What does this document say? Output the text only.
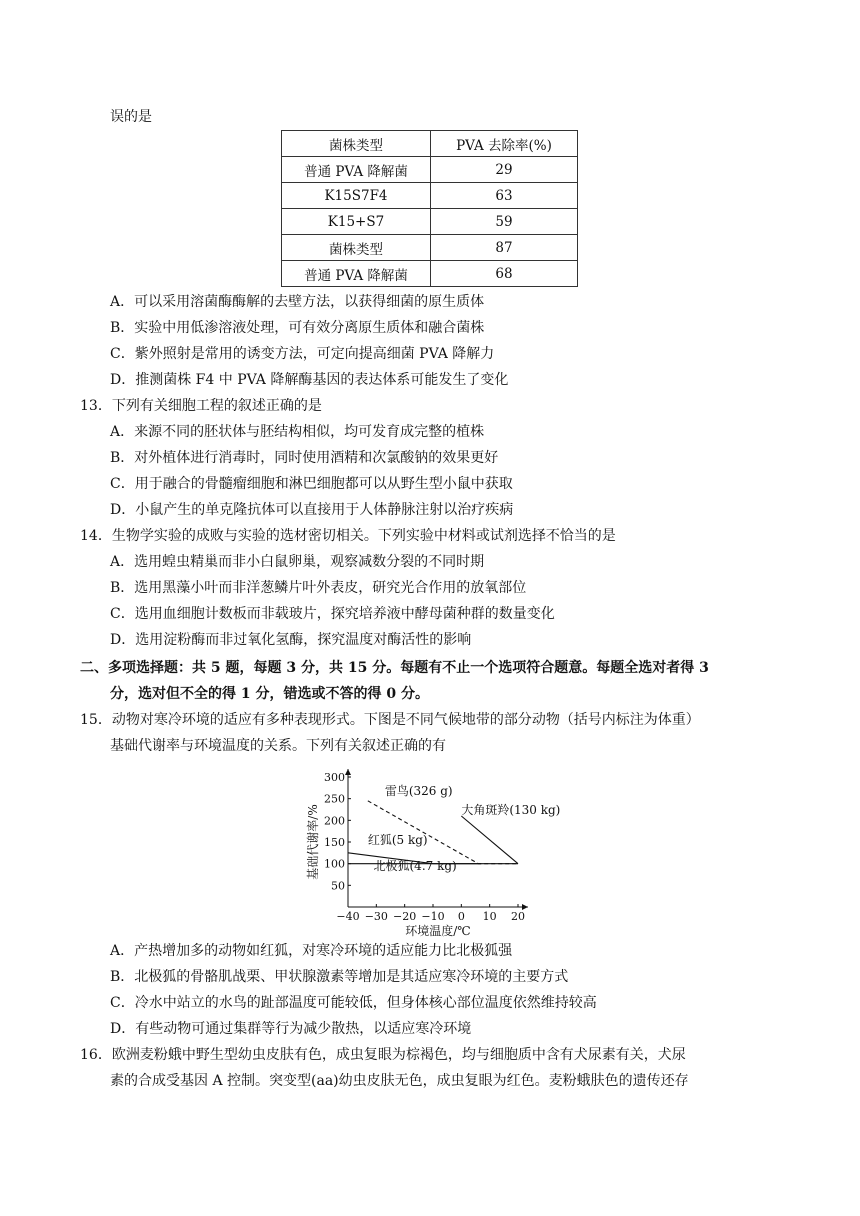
误的是
菌株类型	PVA 去除率(%)
普通 PVA 降解菌	29
K15S7F4	63
K15+S7	59
菌株类型	87
普通 PVA 降解菌	68
A．可以采用溶菌酶酶解的去壁方法，以获得细菌的原生质体
B．实验中用低渗溶液处理，可有效分离原生质体和融合菌株
C．紫外照射是常用的诱变方法，可定向提高细菌 PVA 降解力
D．推测菌株 F4 中 PVA 降解酶基因的表达体系可能发生了变化
13．下列有关细胞工程的叙述正确的是
A．来源不同的胚状体与胚结构相似，均可发育成完整的植株
B．对外植体进行消毒时，同时使用酒精和次氯酸钠的效果更好
C．用于融合的骨髓瘤细胞和淋巴细胞都可以从野生型小鼠中获取
D．小鼠产生的单克隆抗体可以直接用于人体静脉注射以治疗疾病
14．生物学实验的成败与实验的选材密切相关。下列实验中材料或试剂选择不恰当的是
A．选用蝗虫精巢而非小白鼠卵巢，观察减数分裂的不同时期
B．选用黑藻小叶而非洋葱鳞片叶外表皮，研究光合作用的放氧部位
C．选用血细胞计数板而非载玻片，探究培养液中酵母菌种群的数量变化
D．选用淀粉酶而非过氧化氢酶，探究温度对酶活性的影响
二、多项选择题：共 5 题，每题 3 分，共 15 分。每题有不止一个选项符合题意。每题全选对者得 3
分，选对但不全的得 1 分，错选或不答的得 0 分。
15．动物对寒冷环境的适应有多种表现形式。下图是不同气候地带的部分动物（括号内标注为体重）
基础代谢率与环境温度的关系。下列有关叙述正确的有
−40 −30 −20 −10 0 10 20
50
100
150
200
250
300
环境温度/℃
基础代谢率/%
雷鸟(326 g)
大角斑羚(130 kg)
红狐(5 kg)
北极狐(4.7 kg)
A．产热增加多的动物如红狐，对寒冷环境的适应能力比北极狐强
B．北极狐的骨骼肌战栗、甲状腺激素等增加是其适应寒冷环境的主要方式
C．冷水中站立的水鸟的趾部温度可能较低，但身体核心部位温度依然维持较高
D．有些动物可通过集群等行为减少散热，以适应寒冷环境
16．欧洲麦粉蛾中野生型幼虫皮肤有色，成虫复眼为棕褐色，均与细胞质中含有犬尿素有关，犬尿
素的合成受基因 A 控制。突变型(aa)幼虫皮肤无色，成虫复眼为红色。麦粉蛾肤色的遗传还存
